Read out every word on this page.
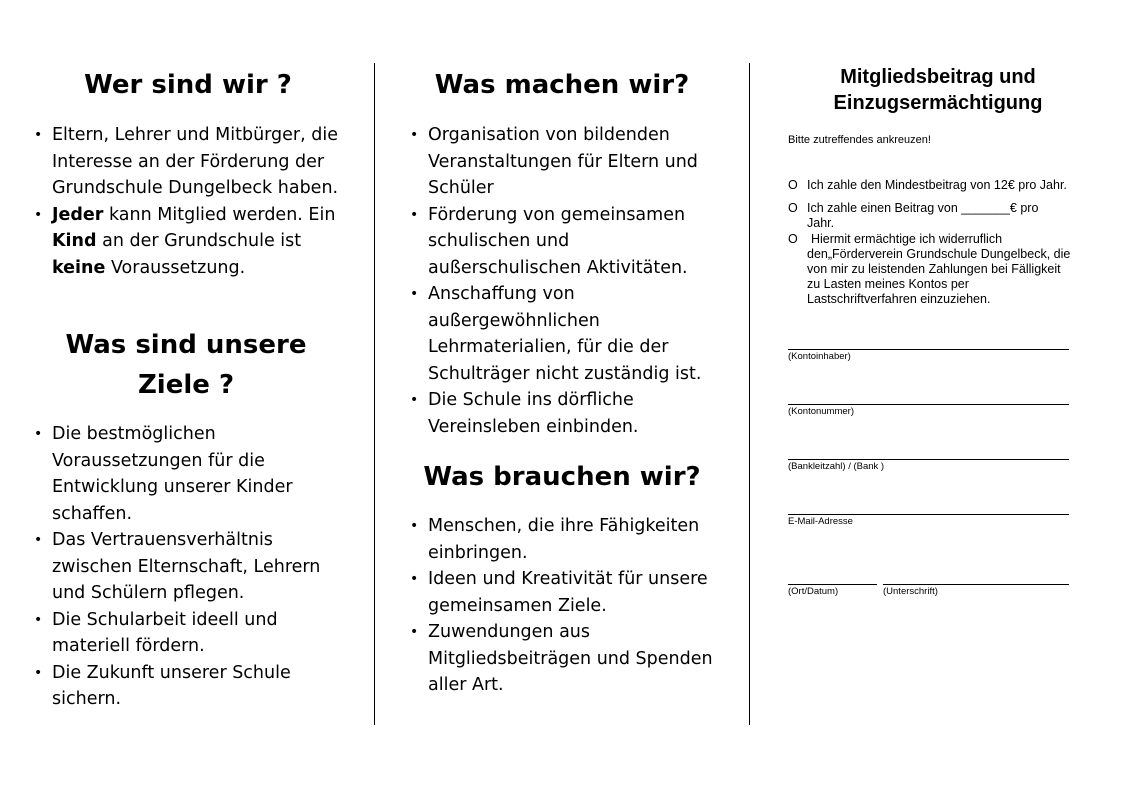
Wer sind wir ?
• Eltern, Lehrer und Mitbürger, die Interesse an der Förderung der Grundschule Dungelbeck haben.
• Jeder kann Mitglied werden. Ein Kind an der Grundschule ist keine Voraussetzung.
Was sind unsere Ziele ?
• Die bestmöglichen Voraussetzungen für die Entwicklung unserer Kinder schaffen.
• Das Vertrauensverhältnis zwischen Elternschaft, Lehrern und Schülern pflegen.
• Die Schularbeit ideell und materiell fördern.
• Die Zukunft unserer Schule sichern.
Was machen wir?
• Organisation von bildenden Veranstaltungen für Eltern und Schüler
• Förderung von gemeinsamen schulischen und außerschulischen Aktivitäten.
• Anschaffung von außergewöhnlichen Lehrmaterialien, für die der Schulträger nicht zuständig ist.
• Die Schule ins dörfliche Vereinsleben einbinden.
Was brauchen wir?
• Menschen, die ihre Fähigkeiten einbringen.
• Ideen und Kreativität für unsere gemeinsamen Ziele.
• Zuwendungen aus Mitgliedsbeiträgen und Spenden aller Art.
Mitgliedsbeitrag und
Einzugsermächtigung
Bitte zutreffendes ankreuzen!
O Ich zahle den Mindestbeitrag von 12€ pro Jahr.
O Ich zahle einen Beitrag von _______€ pro
Jahr.
O Hiermit ermächtige ich widerruflich
den„Förderverein Grundschule Dungelbeck, die
von mir zu leistenden Zahlungen bei Fälligkeit
zu Lasten meines Kontos per
Lastschriftverfahren einzuziehen.
(Kontoinhaber)
(Kontonummer)
(Bankleitzahl) / (Bank )
E-Mail-Adresse
(Ort/Datum)	(Unterschrift)
